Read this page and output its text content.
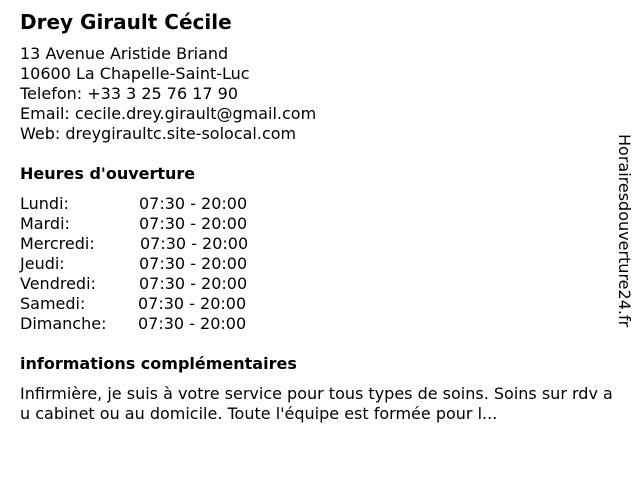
Drey Girault Cécile
13 Avenue Aristide Briand
10600 La Chapelle-Saint-Luc
Telefon: +33 3 25 76 17 90
Email: cecile.drey.girault@gmail.com
Web: dreygiraultc.site-solocal.com
Heures d'ouverture
Lundi:	07:30 - 20:00
Mardi:	07:30 - 20:00
Mercredi:	07:30 - 20:00
Jeudi:	07:30 - 20:00
Vendredi:	07:30 - 20:00
Samedi:	07:30 - 20:00
Dimanche: 07:30 - 20:00
informations complémentaires
Infirmière, je suis à votre service pour tous types de soins. Soins sur rdv au cabinet ou au domicile. Toute l'équipe est formée pour l...
Horairesdouverture24.fr
